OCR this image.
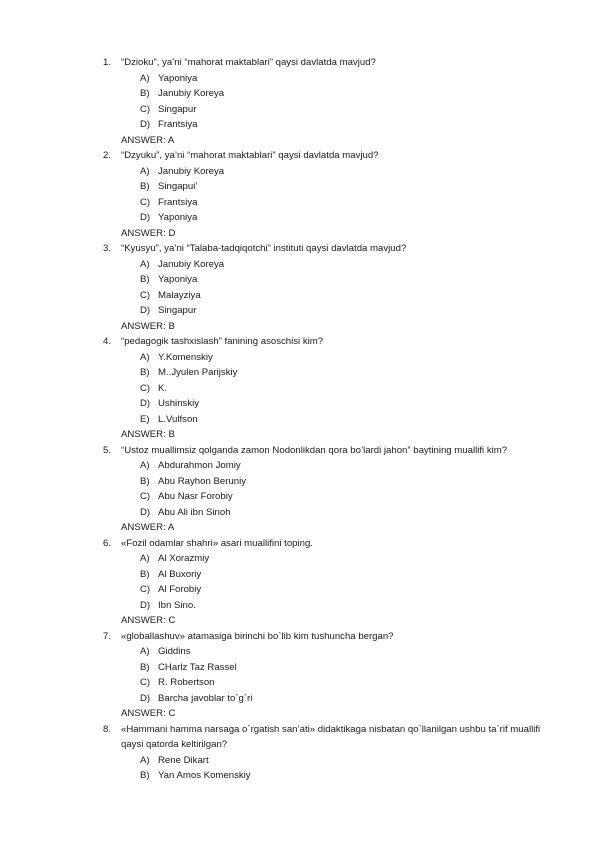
1. “Dzioku”, ya’ni “mahorat maktablari” qaysi davlatda mavjud?
A) Yaponiya
B) Janubiy Koreya
C) Singapur
D) Frantsiya
ANSWER: A
2. “Dzyuku”, ya’ni “mahorat maktablari” qaysi davlatda mavjud?
A) Janubiy Koreya
B) Singapui’
C) Frantsiya
D) Yaponiya
ANSWER: D
3. “Kyusyu”, ya’ni “Talaba-tadqiqotchi” instituti qaysi davlatda mavjud?
A) Janubiy Koreya
B) Yaponiya
C) Malayziya
D) Singapur
ANSWER: B
4. “pedagogik tashxislash” fanining asoschisi kim?
A) Y.Komenskiy
B) M..Jyulen Parijskiy
C) K.
D) Ushinskiy
E) L.Vulfson
ANSWER: B
5. “Ustoz muallimsiz qolganda zamon Nodonlikdan qora bo’lardi jahon” baytining muallifi kim?
A) Abdurahmon Jomiy
B) Abu Rayhon Beruniy
C) Abu Nasr Forobiy
D) Abu Ali ibn Sinoh
ANSWER: A
6. «Fozil odamlar shahri» asari muallifini toping.
A) Al Xorazmiy
B) Al Buxoriy
C) Al Forobiy
D) Ibn Sino.
ANSWER: C
7. «globallashuv» atamasiga birinchi bo`lib kim tushuncha bergan?
A) Giddins
B) CHarlz Taz Rassel
C) R. Robertson
D) Barcha javoblar to`g`ri
ANSWER: C
8. «Hammani hamma narsaga o`rgatish san’ati» didaktikaga nisbatan qo`llanilgan ushbu ta`rif muallifi qaysi qatorda keltirilgan?
A) Rene Dikart
B) Yan Amos Komenskiy
